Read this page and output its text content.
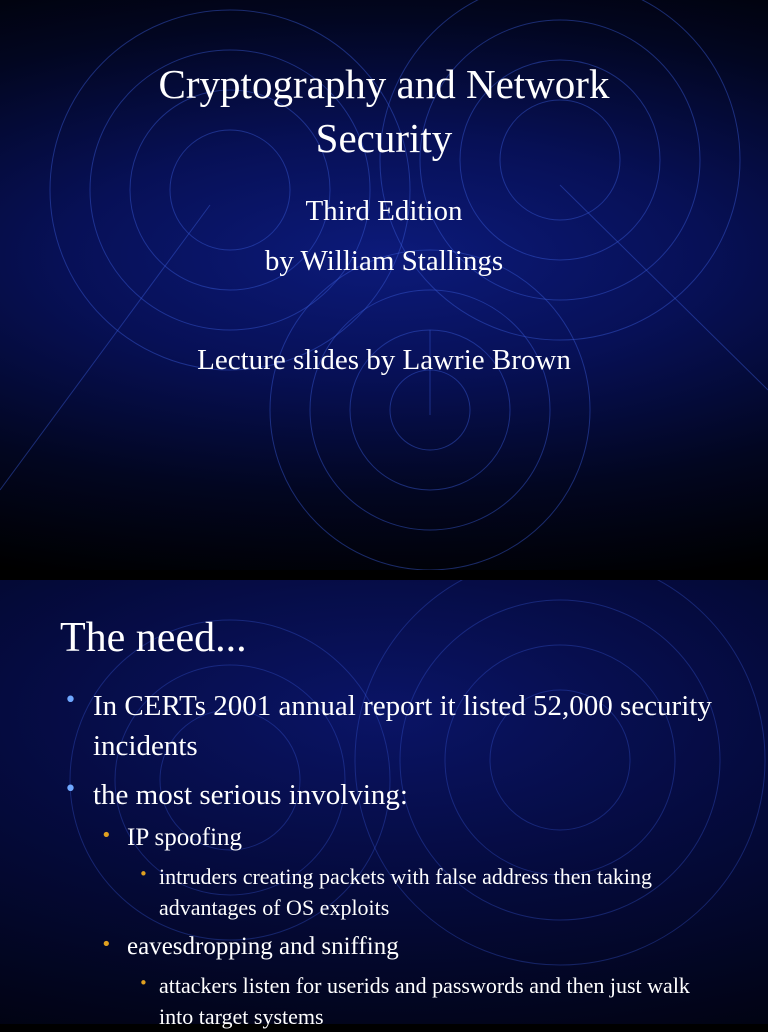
Cryptography and Network Security
Third Edition
by William Stallings
Lecture slides by Lawrie Brown
The need...
• In CERTs 2001 annual report it listed 52,000 security incidents
• the most serious involving:
• IP spoofing
• intruders creating packets with false address then taking advantages of OS exploits
• eavesdropping and sniffing
• attackers listen for userids and passwords and then just walk into target systems
